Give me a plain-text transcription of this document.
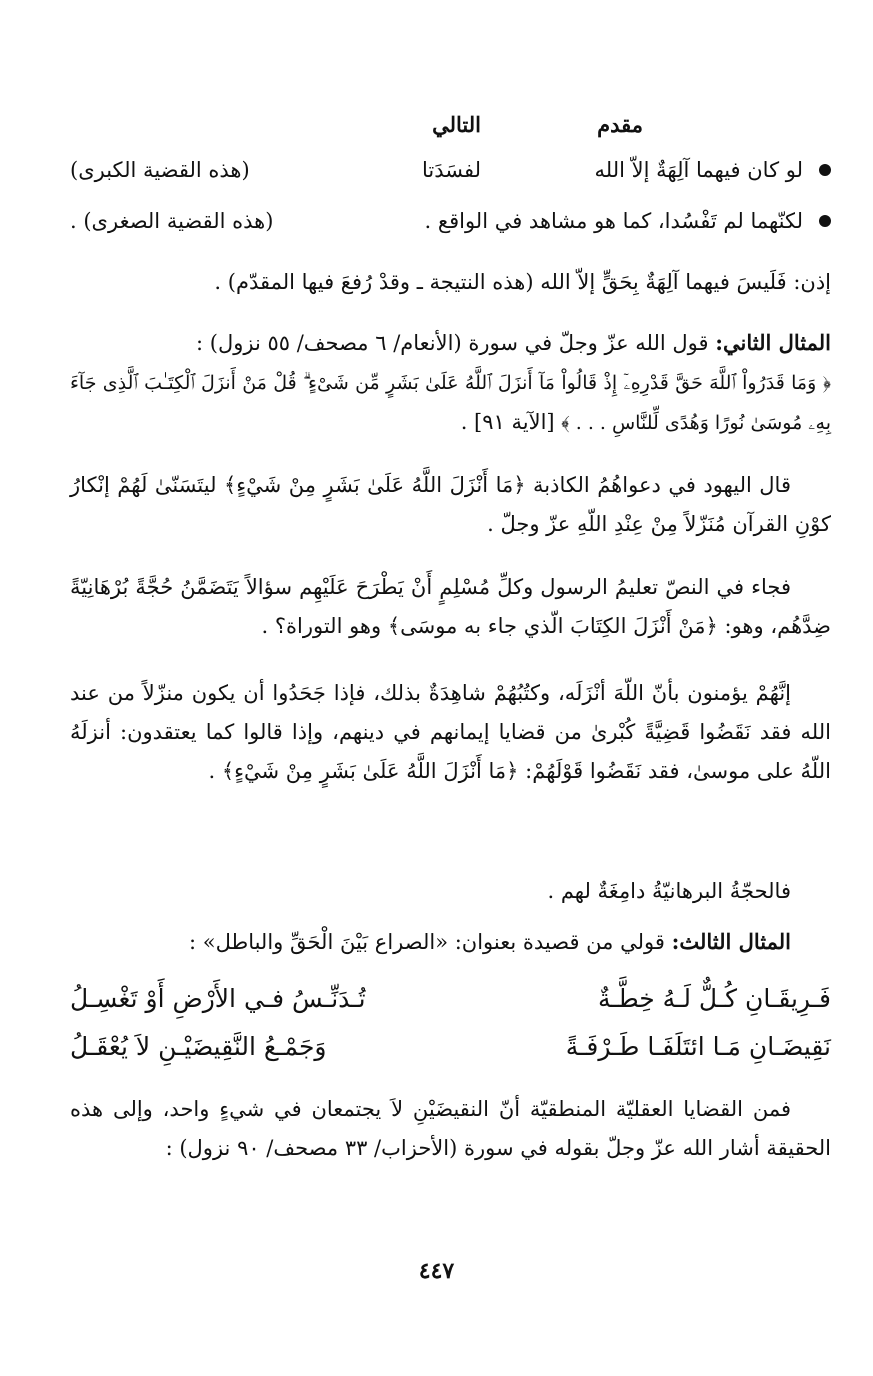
مقدم
التالي
لو كان فيهما آلِهَةٌ إلاّ الله
لفسَدَتا
(هذه القضية الكبرى)
لكنّهما لم تَفْسُدا، كما هو مشاهد في الواقع .
(هذه القضية الصغرى) .
إذن: فَلَيسَ فيهما آلِهَةٌ بِحَقٍّ إلاّ الله (هذه النتيجة ـ وقدْ رُفعَ فيها المقدّم) .
المثال الثاني: قول الله عزّ وجلّ في سورة (الأنعام/ ٦ مصحف/ ٥٥ نزول) :
﴿ وَمَا قَدَرُواْ ٱللَّهَ حَقَّ قَدْرِهِۦٓ إِذْ قَالُواْ مَآ أَنزَلَ ٱللَّهُ عَلَىٰ بَشَرٍ مِّن شَىْءٍ ۗ قُلْ مَنْ أَنزَلَ ٱلْكِتَـٰبَ ٱلَّذِى جَآءَ بِهِۦ مُوسَىٰ نُورًا وَهُدًى لِّلنَّاسِ . . . ﴾ [الآية ٩١] .
قال اليهود في دعواهُمُ الكاذبة ﴿مَا أَنْزَلَ اللَّهُ عَلَىٰ بَشَرٍ مِنْ شَيْءٍ﴾ ليتَسَنّىٰ لَهُمْ إنْكارُ كوْنِ القرآن مُنَزّلاً مِنْ عِنْدِ اللّهِ عزّ وجلّ .
فجاء في النصّ تعليمُ الرسول وكلِّ مُسْلِمٍ أَنْ يَطْرَحَ عَلَيْهِم سؤالاً يَتَضَمَّنُ حُجَّةً بُرْهَانِيّةً ضِدَّهُم، وهو: ﴿مَنْ أَنْزَلَ الكِتَابَ الّذي جاء به موسَى﴾ وهو التوراة؟ .
إنَّهُمْ يؤمنون بأنّ اللّهَ أنْزَلَه، وكتُبُهُمْ شاهِدَةٌ بذلك، فإذا جَحَدُوا أن يكون منزّلاً من عند الله فقد نَقَضُوا قَضِيَّةً كُبْرىٰ من قضايا إيمانهم في دينهم، وإذا قالوا كما يعتقدون: أنزلَهُ اللّهُ على موسىٰ، فقد نَقَضُوا قَوْلَهُمْ: ﴿مَا أَنْزَلَ اللَّهُ عَلَىٰ بَشَرٍ مِنْ شَيْءٍ﴾ .
فالحجّةُ البرهانيّةُ دامِغَةٌ لهم .
المثال الثالث: قولي من قصيدة بعنوان: «الصراع بَيْنَ الْحَقِّ والباطل» :
فَـرِيقَـانِ كُـلٌّ لَـهُ خِطَّـةٌ
تُـدَنِّـسُ فـي الأَرْضِ أَوْ تَغْسِـلُ
نَقِيضَـانِ مَـا ائتَلَفَـا طَـرْفَـةً
وَجَمْـعُ النَّقِيضَيْـنِ لاَ يُعْقَـلُ
فمن القضايا العقليّة المنطقيّة أنّ النقيضَيْنِ لاَ يجتمعان في شيءٍ واحد، وإلى هذه الحقيقة أشار الله عزّ وجلّ بقوله في سورة (الأحزاب/ ٣٣ مصحف/ ٩٠ نزول) :
٤٤٧
